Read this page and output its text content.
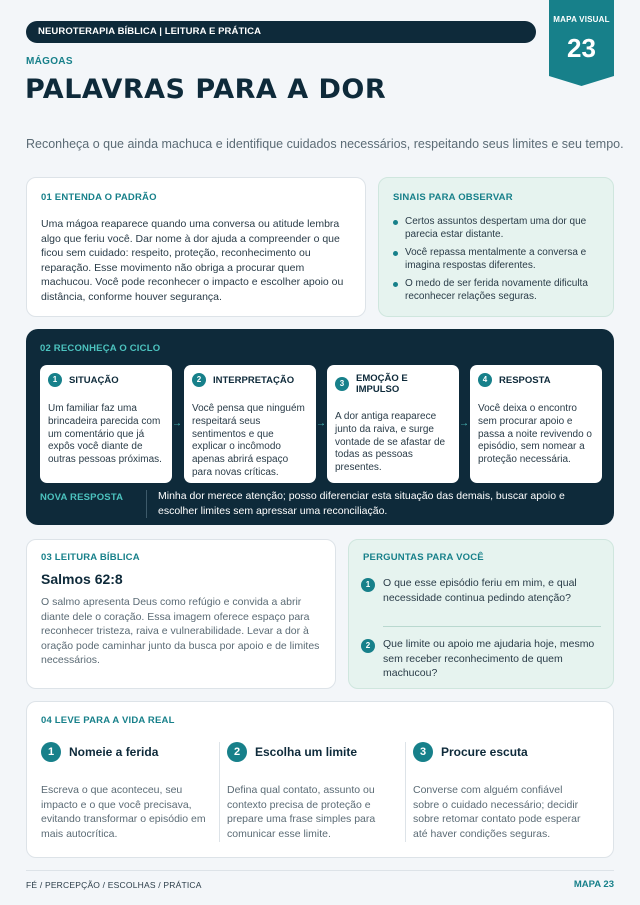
NEUROTERAPIA BÍBLICA | LEITURA E PRÁTICA
MAPA VISUAL
23
MÁGOAS
PALAVRAS PARA A DOR
Reconheça o que ainda machuca e identifique cuidados necessários, respeitando seus limites e seu tempo.
01 ENTENDA O PADRÃO
Uma mágoa reaparece quando uma conversa ou atitude lembra algo que feriu você. Dar nome à dor ajuda a compreender o que ficou sem cuidado: respeito, proteção, reconhecimento ou reparação. Esse movimento não obriga a procurar quem machucou. Você pode reconhecer o impacto e escolher apoio ou distância, conforme houver segurança.
SINAIS PARA OBSERVAR
Certos assuntos despertam uma dor que parecia estar distante.
Você repassa mentalmente a conversa e imagina respostas diferentes.
O medo de ser ferida novamente dificulta reconhecer relações seguras.
02 RECONHEÇA O CICLO
1	SITUAÇÃO
Um familiar faz uma brincadeira parecida com um comentário que já expôs você diante de outras pessoas próximas.
→
2	INTERPRETAÇÃO
Você pensa que ninguém respeitará seus sentimentos e que explicar o incômodo apenas abrirá espaço para novas críticas.
→
3	EMOÇÃO E IMPULSO
A dor antiga reaparece junto da raiva, e surge vontade de se afastar de todas as pessoas presentes.
→
4	RESPOSTA
Você deixa o encontro sem procurar apoio e passa a noite revivendo o episódio, sem nomear a proteção necessária.
NOVA RESPOSTA	Minha dor merece atenção; posso diferenciar esta situação das demais, buscar apoio e escolher limites sem apressar uma reconciliação.
03 LEITURA BÍBLICA
Salmos 62:8
O salmo apresenta Deus como refúgio e convida a abrir diante dele o coração. Essa imagem oferece espaço para reconhecer tristeza, raiva e vulnerabilidade. Levar a dor à oração pode caminhar junto da busca por apoio e de limites necessários.
PERGUNTAS PARA VOCÊ
1	O que esse episódio feriu em mim, e qual necessidade continua pedindo atenção?
2	Que limite ou apoio me ajudaria hoje, mesmo sem receber reconhecimento de quem machucou?
04 LEVE PARA A VIDA REAL
1	Nomeie a ferida
Escreva o que aconteceu, seu impacto e o que você precisava, evitando transformar o episódio em mais autocrítica.
2	Escolha um limite
Defina qual contato, assunto ou contexto precisa de proteção e prepare uma frase simples para comunicar esse limite.
3	Procure escuta
Converse com alguém confiável sobre o cuidado necessário; decidir sobre retomar contato pode esperar até haver condições seguras.
FÉ / PERCEPÇÃO / ESCOLHAS / PRÁTICA	MAPA 23
